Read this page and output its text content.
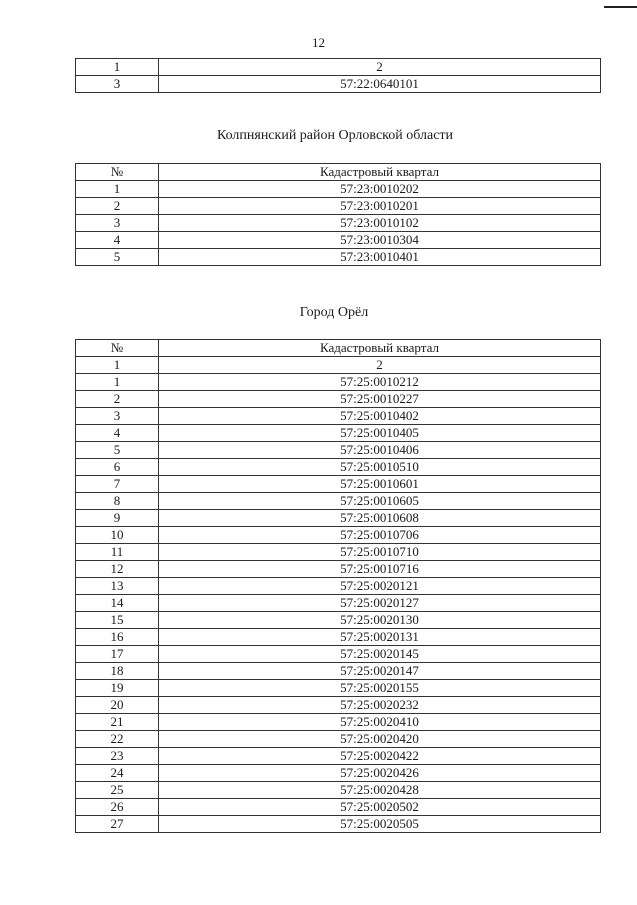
12
1	2
3	57:22:0640101
Колпнянский район Орловской области
№	Кадастровый квартал
1	57:23:0010202
2	57:23:0010201
3	57:23:0010102
4	57:23:0010304
5	57:23:0010401
Город Орёл
№	Кадастровый квартал
1	2
1	57:25:0010212
2	57:25:0010227
3	57:25:0010402
4	57:25:0010405
5	57:25:0010406
6	57:25:0010510
7	57:25:0010601
8	57:25:0010605
9	57:25:0010608
10	57:25:0010706
11	57:25:0010710
12	57:25:0010716
13	57:25:0020121
14	57:25:0020127
15	57:25:0020130
16	57:25:0020131
17	57:25:0020145
18	57:25:0020147
19	57:25:0020155
20	57:25:0020232
21	57:25:0020410
22	57:25:0020420
23	57:25:0020422
24	57:25:0020426
25	57:25:0020428
26	57:25:0020502
27	57:25:0020505
